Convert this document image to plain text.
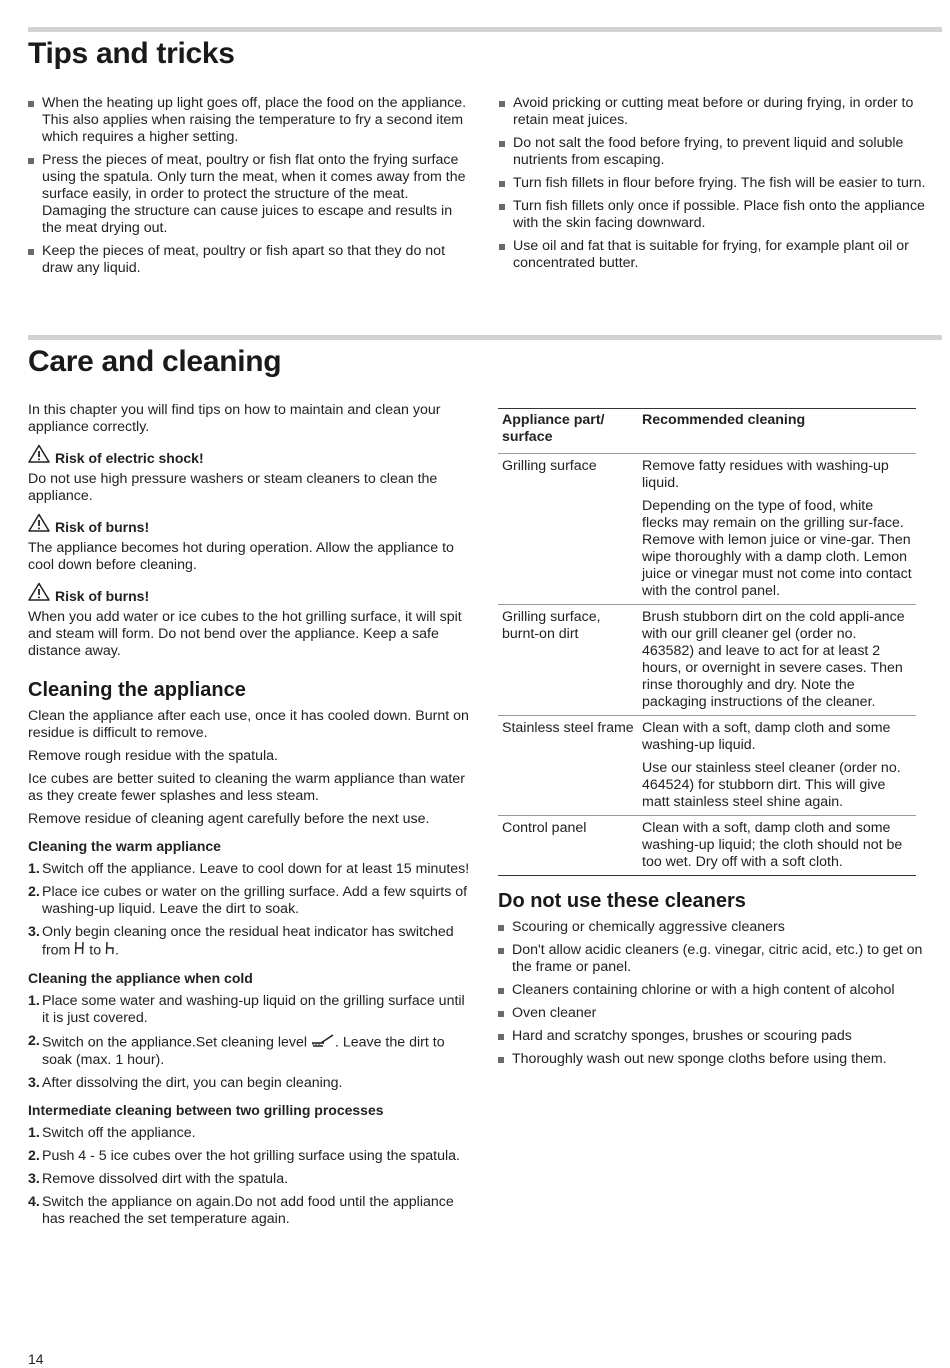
Tips and tricks
When the heating up light goes off, place the food on the appliance. This also applies when raising the temperature to fry a second item which requires a higher setting.
Press the pieces of meat, poultry or fish flat onto the frying surface using the spatula. Only turn the meat, when it comes away from the surface easily, in order to protect the structure of the meat. Damaging the structure can cause juices to escape and results in the meat drying out.
Keep the pieces of meat, poultry or fish apart so that they do not draw any liquid.
Avoid pricking or cutting meat before or during frying, in order to retain meat juices.
Do not salt the food before frying, to prevent liquid and soluble nutrients from escaping.
Turn fish fillets in flour before frying. The fish will be easier to turn.
Turn fish fillets only once if possible. Place fish onto the appliance with the skin facing downward.
Use oil and fat that is suitable for frying, for example plant oil or concentrated butter.
Care and cleaning

In this chapter you will find tips on how to maintain and clean your appliance correctly.

Risk of electric shock!

Do not use high pressure washers or steam cleaners to clean the appliance.

Risk of burns!

The appliance becomes hot during operation. Allow the appliance to cool down before cleaning.

Risk of burns!

When you add water or ice cubes to the hot grilling surface, it will spit and steam will form. Do not bend over the appliance. Keep a safe distance away.

Cleaning the appliance

Clean the appliance after each use, once it has cooled down. Burnt on residue is difficult to remove.

Remove rough residue with the spatula.

Ice cubes are better suited to cleaning the warm appliance than water as they create fewer splashes and less steam.

Remove residue of cleaning agent carefully before the next use.

Cleaning the warm appliance
1. Switch off the appliance. Leave to cool down for at least 15 minutes!
2. Place ice cubes or water on the grilling surface. Add a few squirts of washing-up liquid. Leave the dirt to soak.
3. Only begin cleaning once the residual heat indicator has switched from  to .
Cleaning the appliance when cold
1. Place some water and washing-up liquid on the grilling surface until it is just covered.
2. Switch on the appliance.Set cleaning level . Leave the dirt to soak (max. 1 hour).
3. After dissolving the dirt, you can begin cleaning.
Intermediate cleaning between two grilling processes
1. Switch off the appliance.
2. Push 4 - 5 ice cubes over the hot grilling surface using the spatula.
3. Remove dissolved dirt with the spatula.
4. Switch the appliance on again.Do not add food until the appliance has reached the set temperature again.
Appliance part/ surface	Recommended cleaning
Grilling surface	Remove fatty residues with washing-up liquid.

Depending on the type of food, white flecks may remain on the grilling sur-face. Remove with lemon juice or vine-gar. Then wipe thoroughly with a damp cloth. Lemon juice or vinegar must not come into contact with the control panel.

Grilling surface, burnt-on dirt	Brush stubborn dirt on the cold appli-ance with our grill cleaner gel (order no. 463582) and leave to act for at least 2 hours, or overnight in severe cases. Then rinse thoroughly and dry. Note the packaging instructions of the cleaner.

Stainless steel frame	Clean with a soft, damp cloth and some washing-up liquid.

Use our stainless steel cleaner (order no. 464524) for stubborn dirt. This will give matt stainless steel shine again.

Control panel	Clean with a soft, damp cloth and some washing-up liquid; the cloth should not be too wet. Dry off with a soft cloth.

Do not use these cleaners
Scouring or chemically aggressive cleaners
Don't allow acidic cleaners (e.g. vinegar, citric acid, etc.) to get on the frame or panel.
Cleaners containing chlorine or with a high content of alcohol
Oven cleaner
Hard and scratchy sponges, brushes or scouring pads
Thoroughly wash out new sponge cloths before using them.
14
